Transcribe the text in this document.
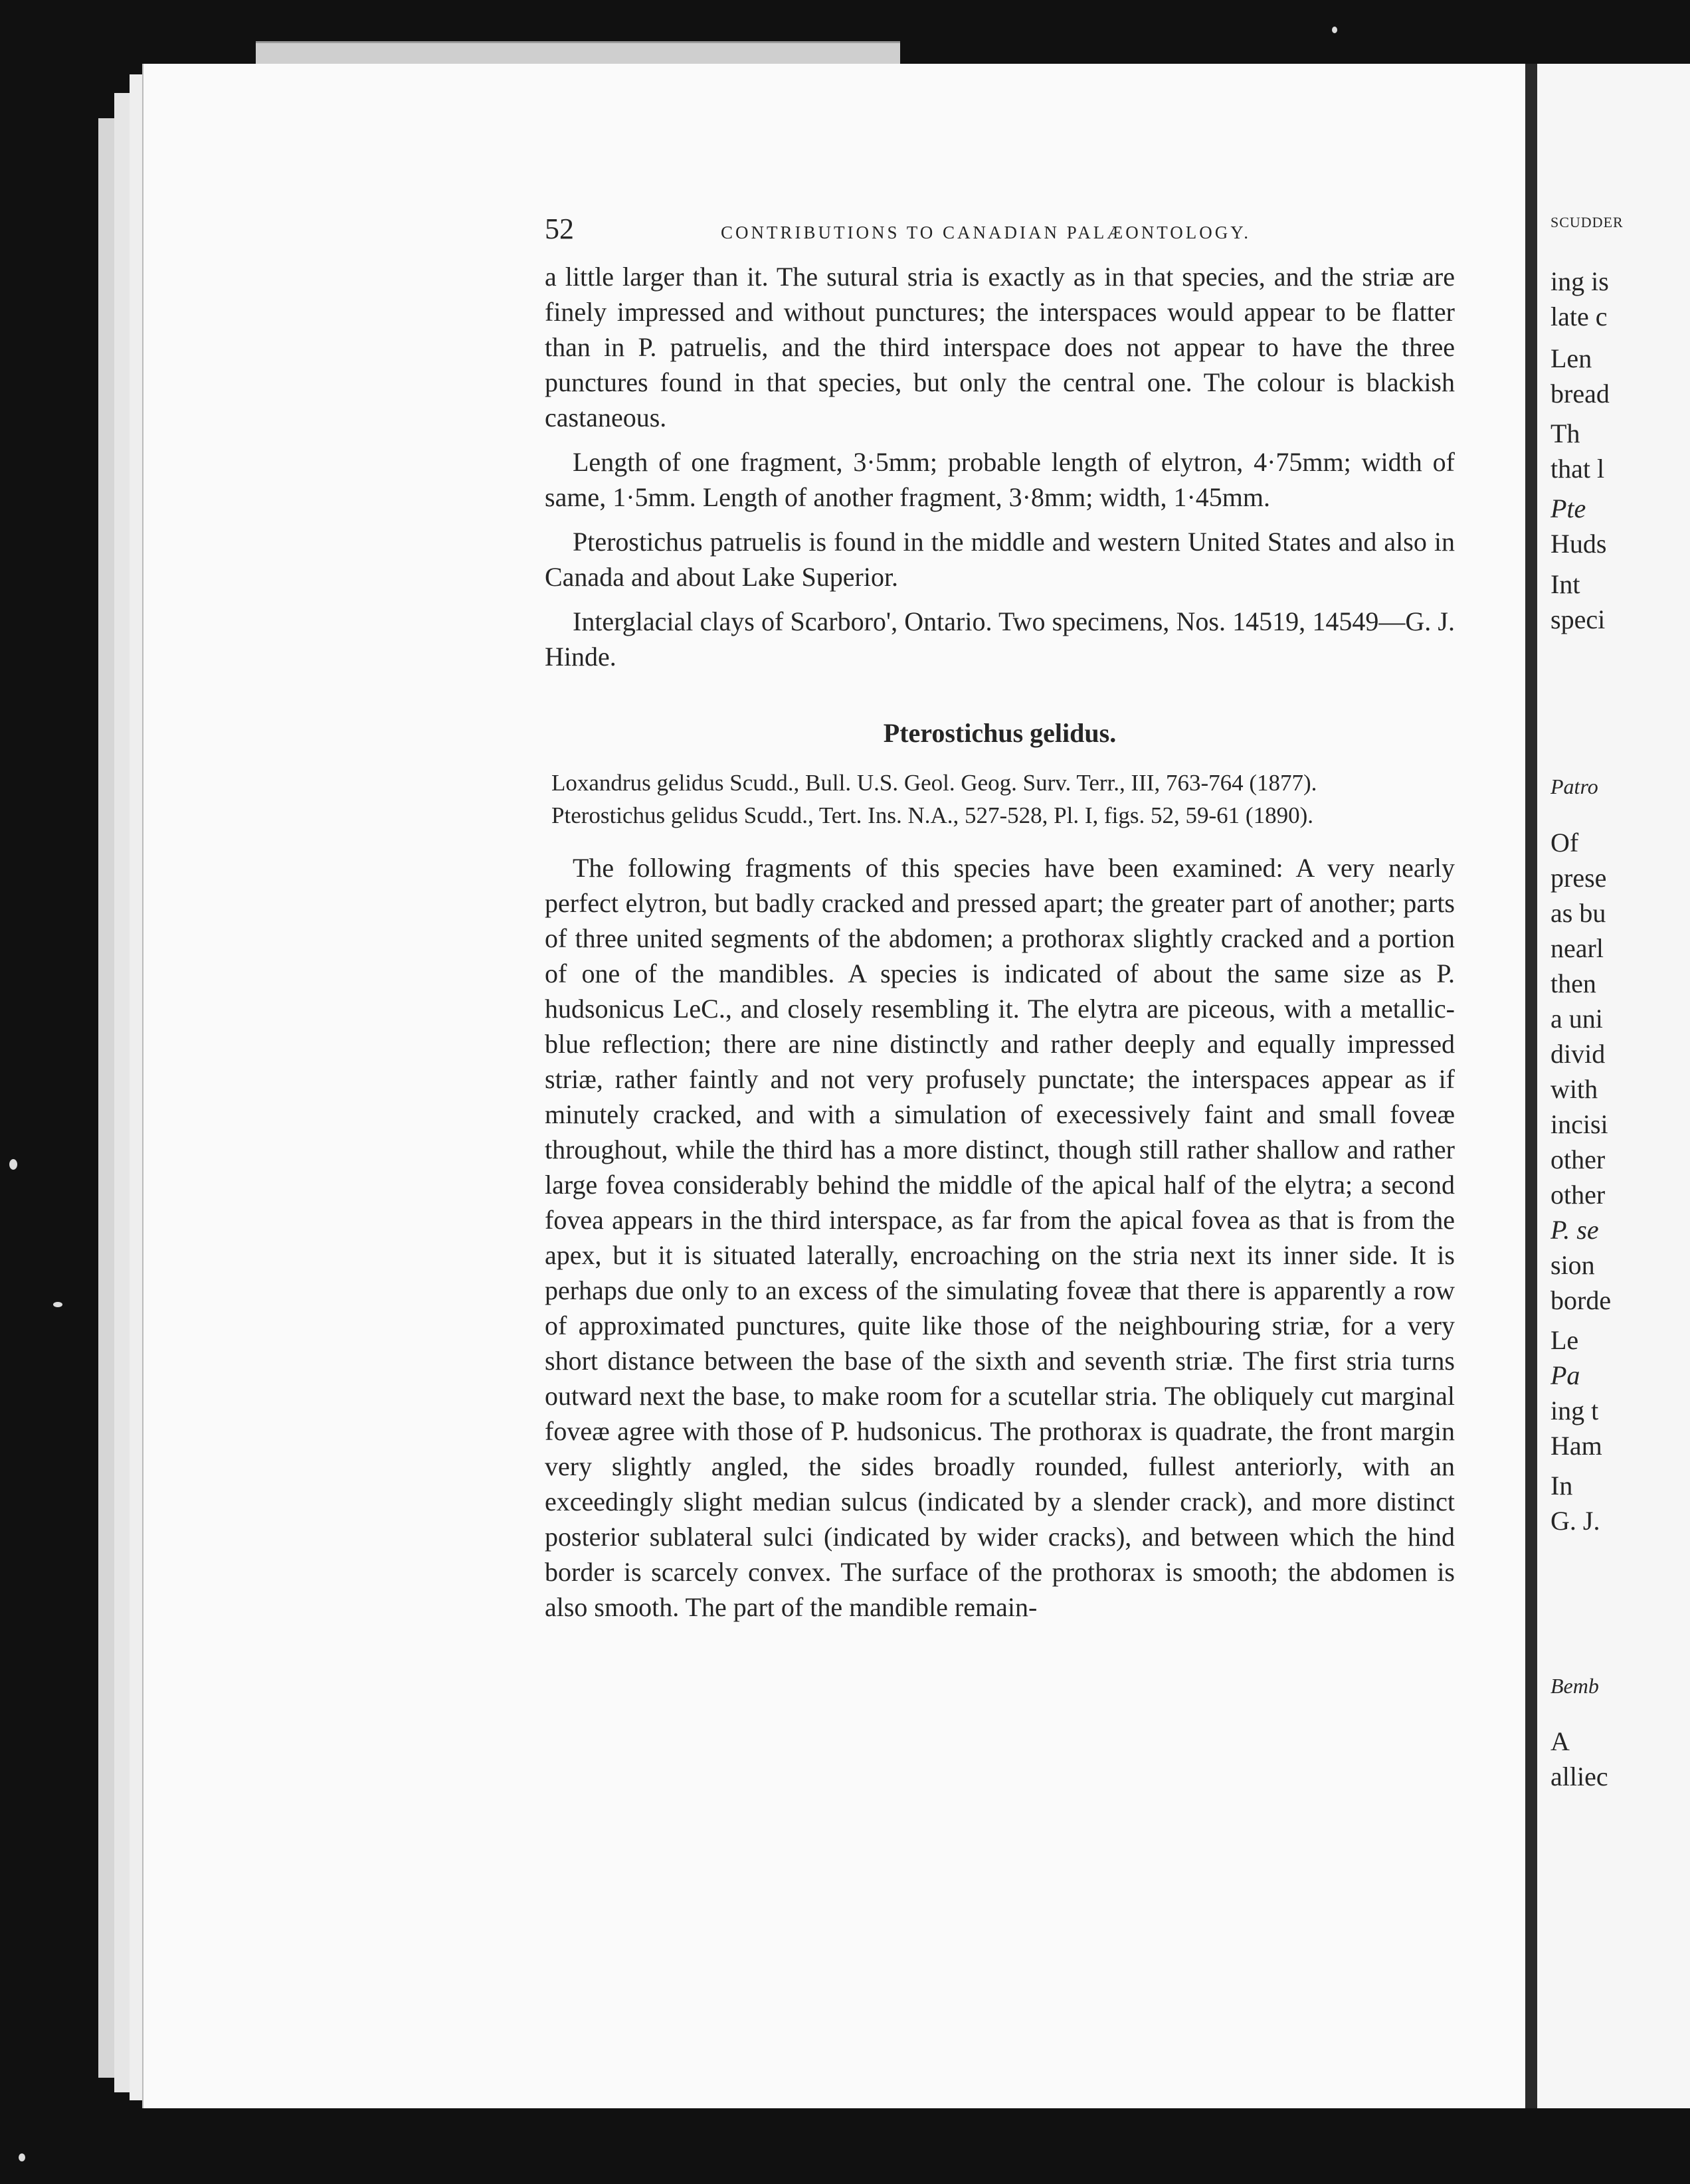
52	CONTRIBUTIONS TO CANADIAN PALÆONTOLOGY.

a little larger than it. The sutural stria is exactly as in that species, and the striæ are finely impressed and without punctures; the interspaces would appear to be flatter than in P. patruelis, and the third interspace does not appear to have the three punctures found in that species, but only the central one. The colour is blackish castaneous.

Length of one fragment, 3·5mm; probable length of elytron, 4·75mm; width of same, 1·5mm. Length of another fragment, 3·8mm; width, 1·45mm.

Pterostichus patruelis is found in the middle and western United States and also in Canada and about Lake Superior.

Interglacial clays of Scarboro', Ontario. Two specimens, Nos. 14519, 14549—G. J. Hinde.

Pterostichus gelidus.

Loxandrus gelidus Scudd., Bull. U.S. Geol. Geog. Surv. Terr., III, 763-764 (1877).

Pterostichus gelidus Scudd., Tert. Ins. N.A., 527-528, Pl. I, figs. 52, 59-61 (1890).

The following fragments of this species have been examined: A very nearly perfect elytron, but badly cracked and pressed apart; the greater part of another; parts of three united segments of the abdomen; a prothorax slightly cracked and a portion of one of the mandibles. A species is indicated of about the same size as P. hudsonicus LeC., and closely resembling it. The elytra are piceous, with a metallic-blue reflection; there are nine distinctly and rather deeply and equally impressed striæ, rather faintly and not very profusely punctate; the interspaces appear as if minutely cracked, and with a simulation of execessively faint and small foveæ throughout, while the third has a more distinct, though still rather shallow and rather large fovea considerably behind the middle of the apical half of the elytra; a second fovea appears in the third interspace, as far from the apical fovea as that is from the apex, but it is situated laterally, encroaching on the stria next its inner side. It is perhaps due only to an excess of the simulating foveæ that there is apparently a row of approximated punctures, quite like those of the neighbouring striæ, for a very short distance between the base of the sixth and seventh striæ. The first stria turns outward next the base, to make room for a scutellar stria. The obliquely cut marginal foveæ agree with those of P. hudsonicus. The prothorax is quadrate, the front margin very slightly angled, the sides broadly rounded, fullest anteriorly, with an exceedingly slight median sulcus (indicated by a slender crack), and more distinct posterior sublateral sulci (indicated by wider cracks), and between which the hind border is scarcely convex. The surface of the prothorax is smooth; the abdomen is also smooth. The part of the mandible remain-

SCUDDER
ing is
late c
Len
bread
Th
that l
Pte
Huds
Int
speci
Patro
Of
prese
as bu
nearl
then
a uni
divid
with
incisi
other
other
P. se
sion
borde
Le
Pa
ing t
Ham
In
G. J.
Bemb
A
alliec
